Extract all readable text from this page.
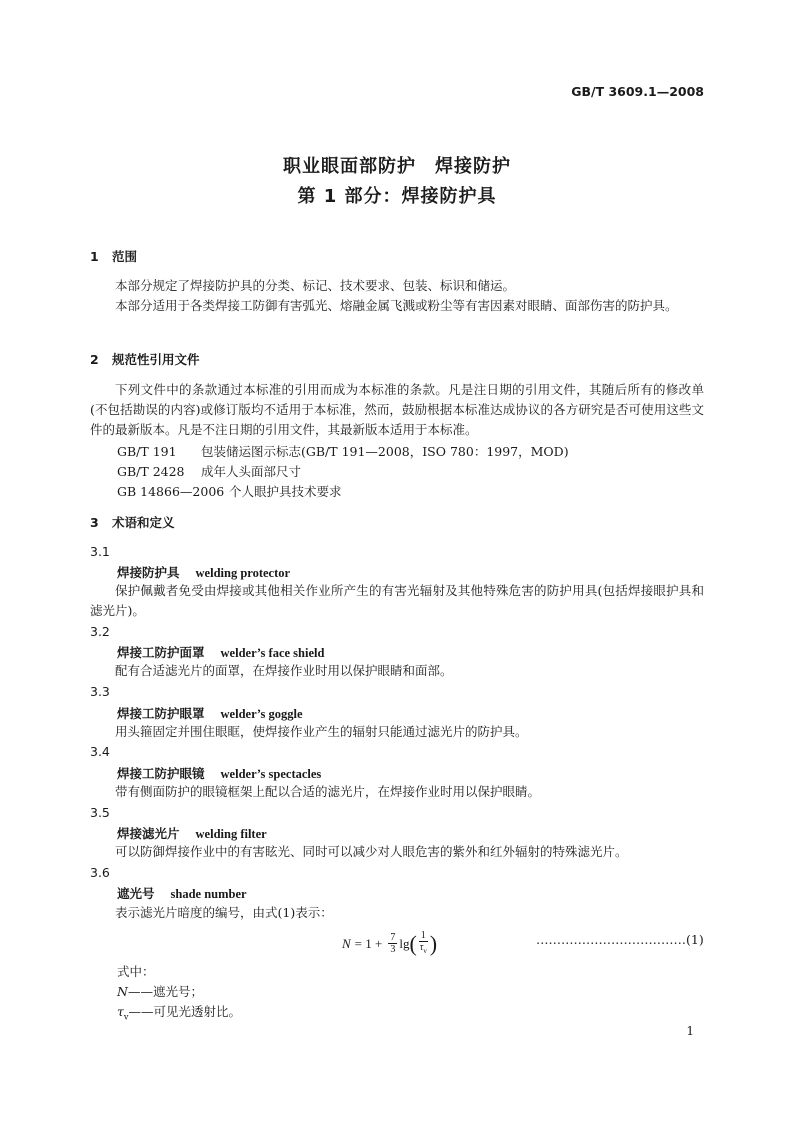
GB/T 3609.1—2008
职业眼面部防护　焊接防护
第 1 部分：焊接防护具
1 范围

本部分规定了焊接防护具的分类、标记、技术要求、包装、标识和储运。

本部分适用于各类焊接工防御有害弧光、熔融金属飞溅或粉尘等有害因素对眼睛、面部伤害的防护具。

2 规范性引用文件

下列文件中的条款通过本标准的引用而成为本标准的条款。凡是注日期的引用文件，其随后所有的修改单(不包括勘误的内容)或修订版均不适用于本标准，然而，鼓励根据本标准达成协议的各方研究是否可使用这些文件的最新版本。凡是不注日期的引用文件，其最新版本适用于本标准。

GB/T 191 包装储运图示标志(GB/T 191—2008，ISO 780：1997，MOD)
GB/T 2428 成年人头面部尺寸
GB 14866—2006 个人眼护具技术要求
3 术语和定义
3.1
焊接防护具 welding protector

保护佩戴者免受由焊接或其他相关作业所产生的有害光辐射及其他特殊危害的防护用具(包括焊接眼护具和滤光片)。

3.2
焊接工防护面罩 welder’s face shield

配有合适滤光片的面罩，在焊接作业时用以保护眼睛和面部。

3.3
焊接工防护眼罩 welder’s goggle

用头箍固定并围住眼眶，使焊接作业产生的辐射只能通过滤光片的防护具。

3.4
焊接工防护眼镜 welder’s spectacles

带有侧面防护的眼镜框架上配以合适的滤光片，在焊接作业时用以保护眼睛。

3.5
焊接滤光片 welding filter

可以防御焊接作业中的有害眩光、同时可以减少对人眼危害的紫外和红外辐射的特殊滤光片。

3.6
遮光号 shade number

表示滤光片暗度的编号，由式(1)表示：

$N = 1 + \frac{7}{3}$ lg ( $\frac{1}{\tau_v}$ )	………………………………(1)
式中：
N——遮光号；
$\tau_v——$可见光透射比。
1
